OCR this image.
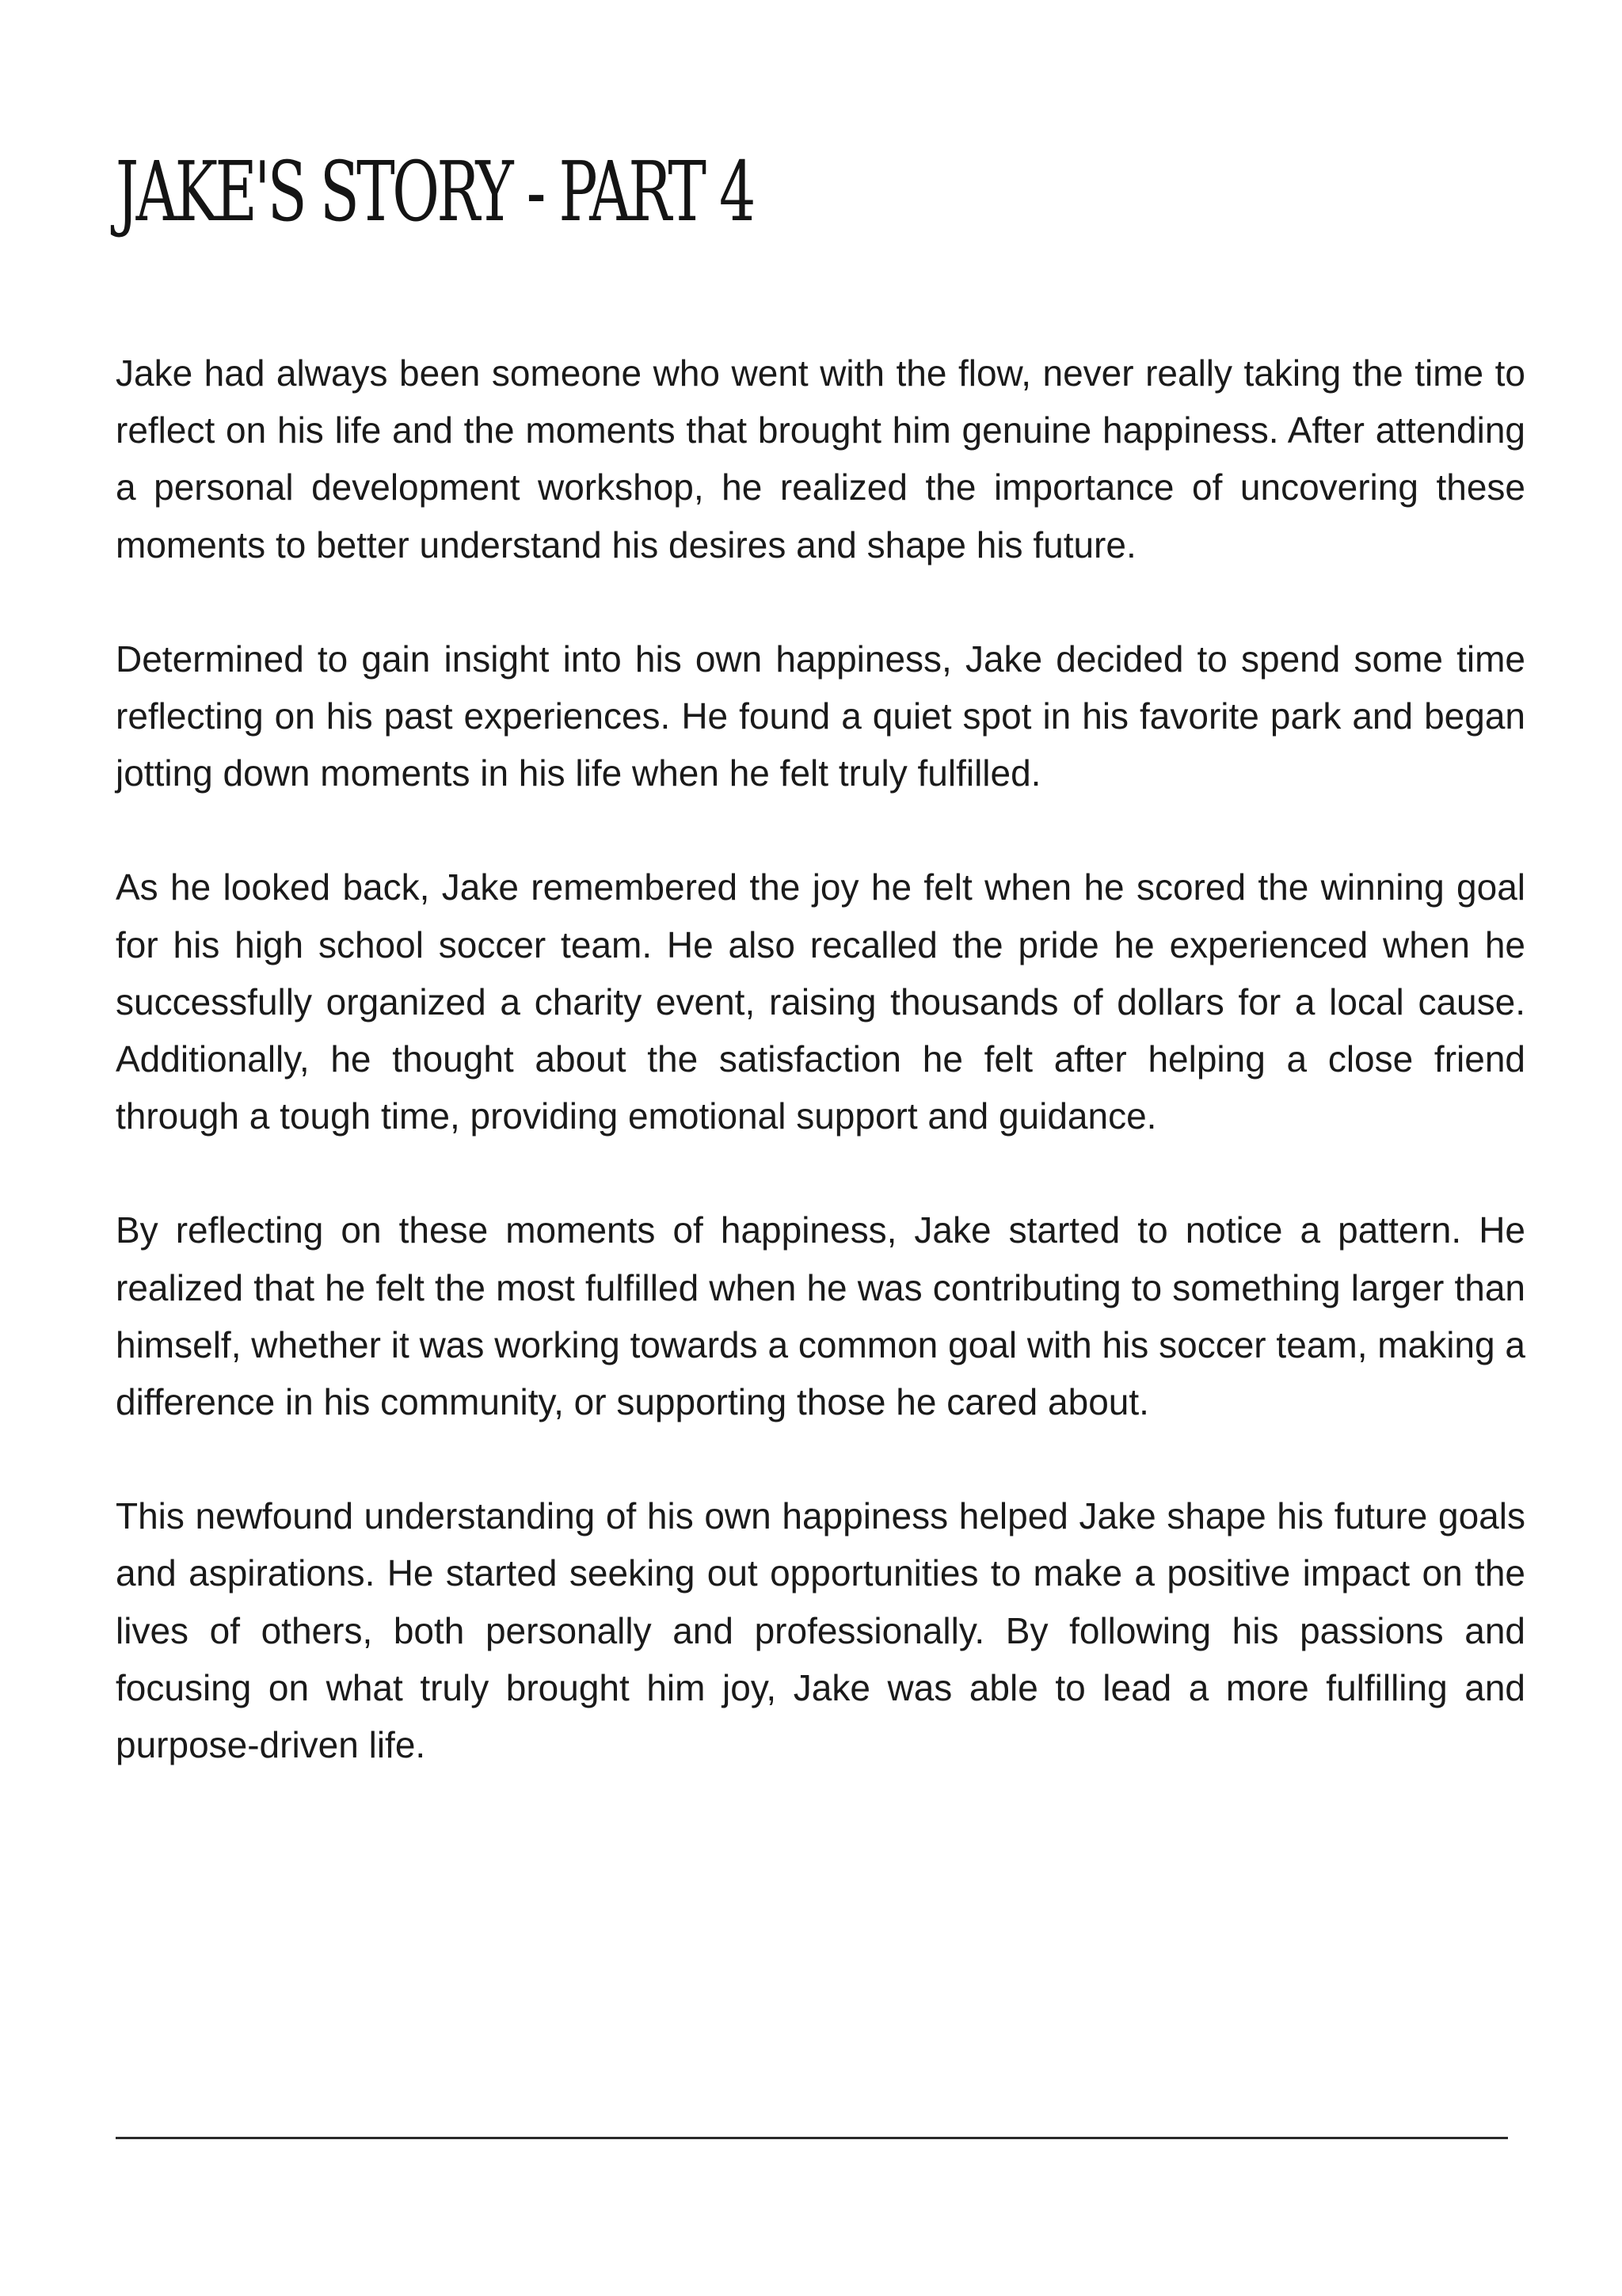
JAKE'S STORY - PART 4

Jake had always been someone who went with the flow, never really taking the time to reflect on his life and the moments that brought him genuine happiness. After attending a personal development workshop, he realized the importance of uncovering these moments to better understand his desires and shape his future.

Determined to gain insight into his own happiness, Jake decided to spend some time reflecting on his past experiences. He found a quiet spot in his favorite park and began jotting down moments in his life when he felt truly fulfilled.

As he looked back, Jake remembered the joy he felt when he scored the winning goal for his high school soccer team. He also recalled the pride he experienced when he successfully organized a charity event, raising thousands of dollars for a local cause. Additionally, he thought about the satisfaction he felt after helping a close friend through a tough time, providing emotional support and guidance.

By reflecting on these moments of happiness, Jake started to notice a pattern. He realized that he felt the most fulfilled when he was contributing to something larger than himself, whether it was working towards a common goal with his soccer team, making a difference in his community, or supporting those he cared about.

This newfound understanding of his own happiness helped Jake shape his future goals and aspirations. He started seeking out opportunities to make a positive impact on the lives of others, both personally and professionally. By following his passions and focusing on what truly brought him joy, Jake was able to lead a more fulfilling and purpose-driven life.
